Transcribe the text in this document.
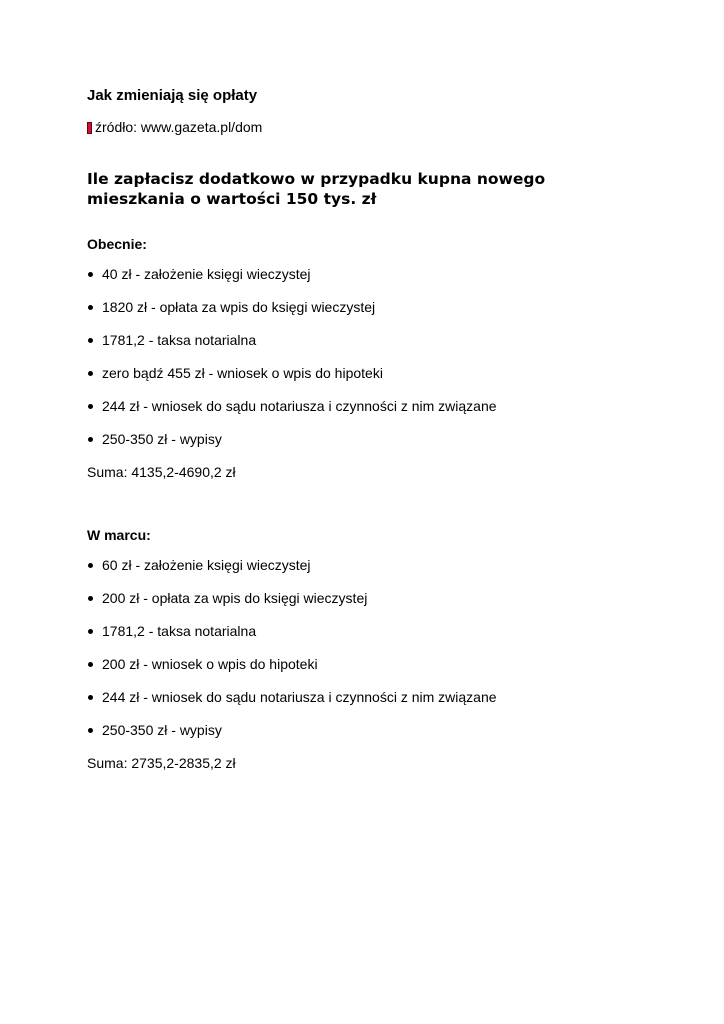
Jak zmieniają się opłaty
źródło: www.gazeta.pl/dom
Ile zapłacisz dodatkowo w przypadku kupna nowego mieszkania o wartości 150 tys. zł
Obecnie:
40 zł - założenie księgi wieczystej
1820 zł - opłata za wpis do księgi wieczystej
1781,2 - taksa notarialna
zero bądź 455 zł - wniosek o wpis do hipoteki
244 zł - wniosek do sądu notariusza i czynności z nim związane
250-350 zł - wypisy
Suma: 4135,2-4690,2 zł
W marcu:
60 zł - założenie księgi wieczystej
200 zł - opłata za wpis do księgi wieczystej
1781,2 - taksa notarialna
200 zł - wniosek o wpis do hipoteki
244 zł - wniosek do sądu notariusza i czynności z nim związane
250-350 zł - wypisy
Suma: 2735,2-2835,2 zł
